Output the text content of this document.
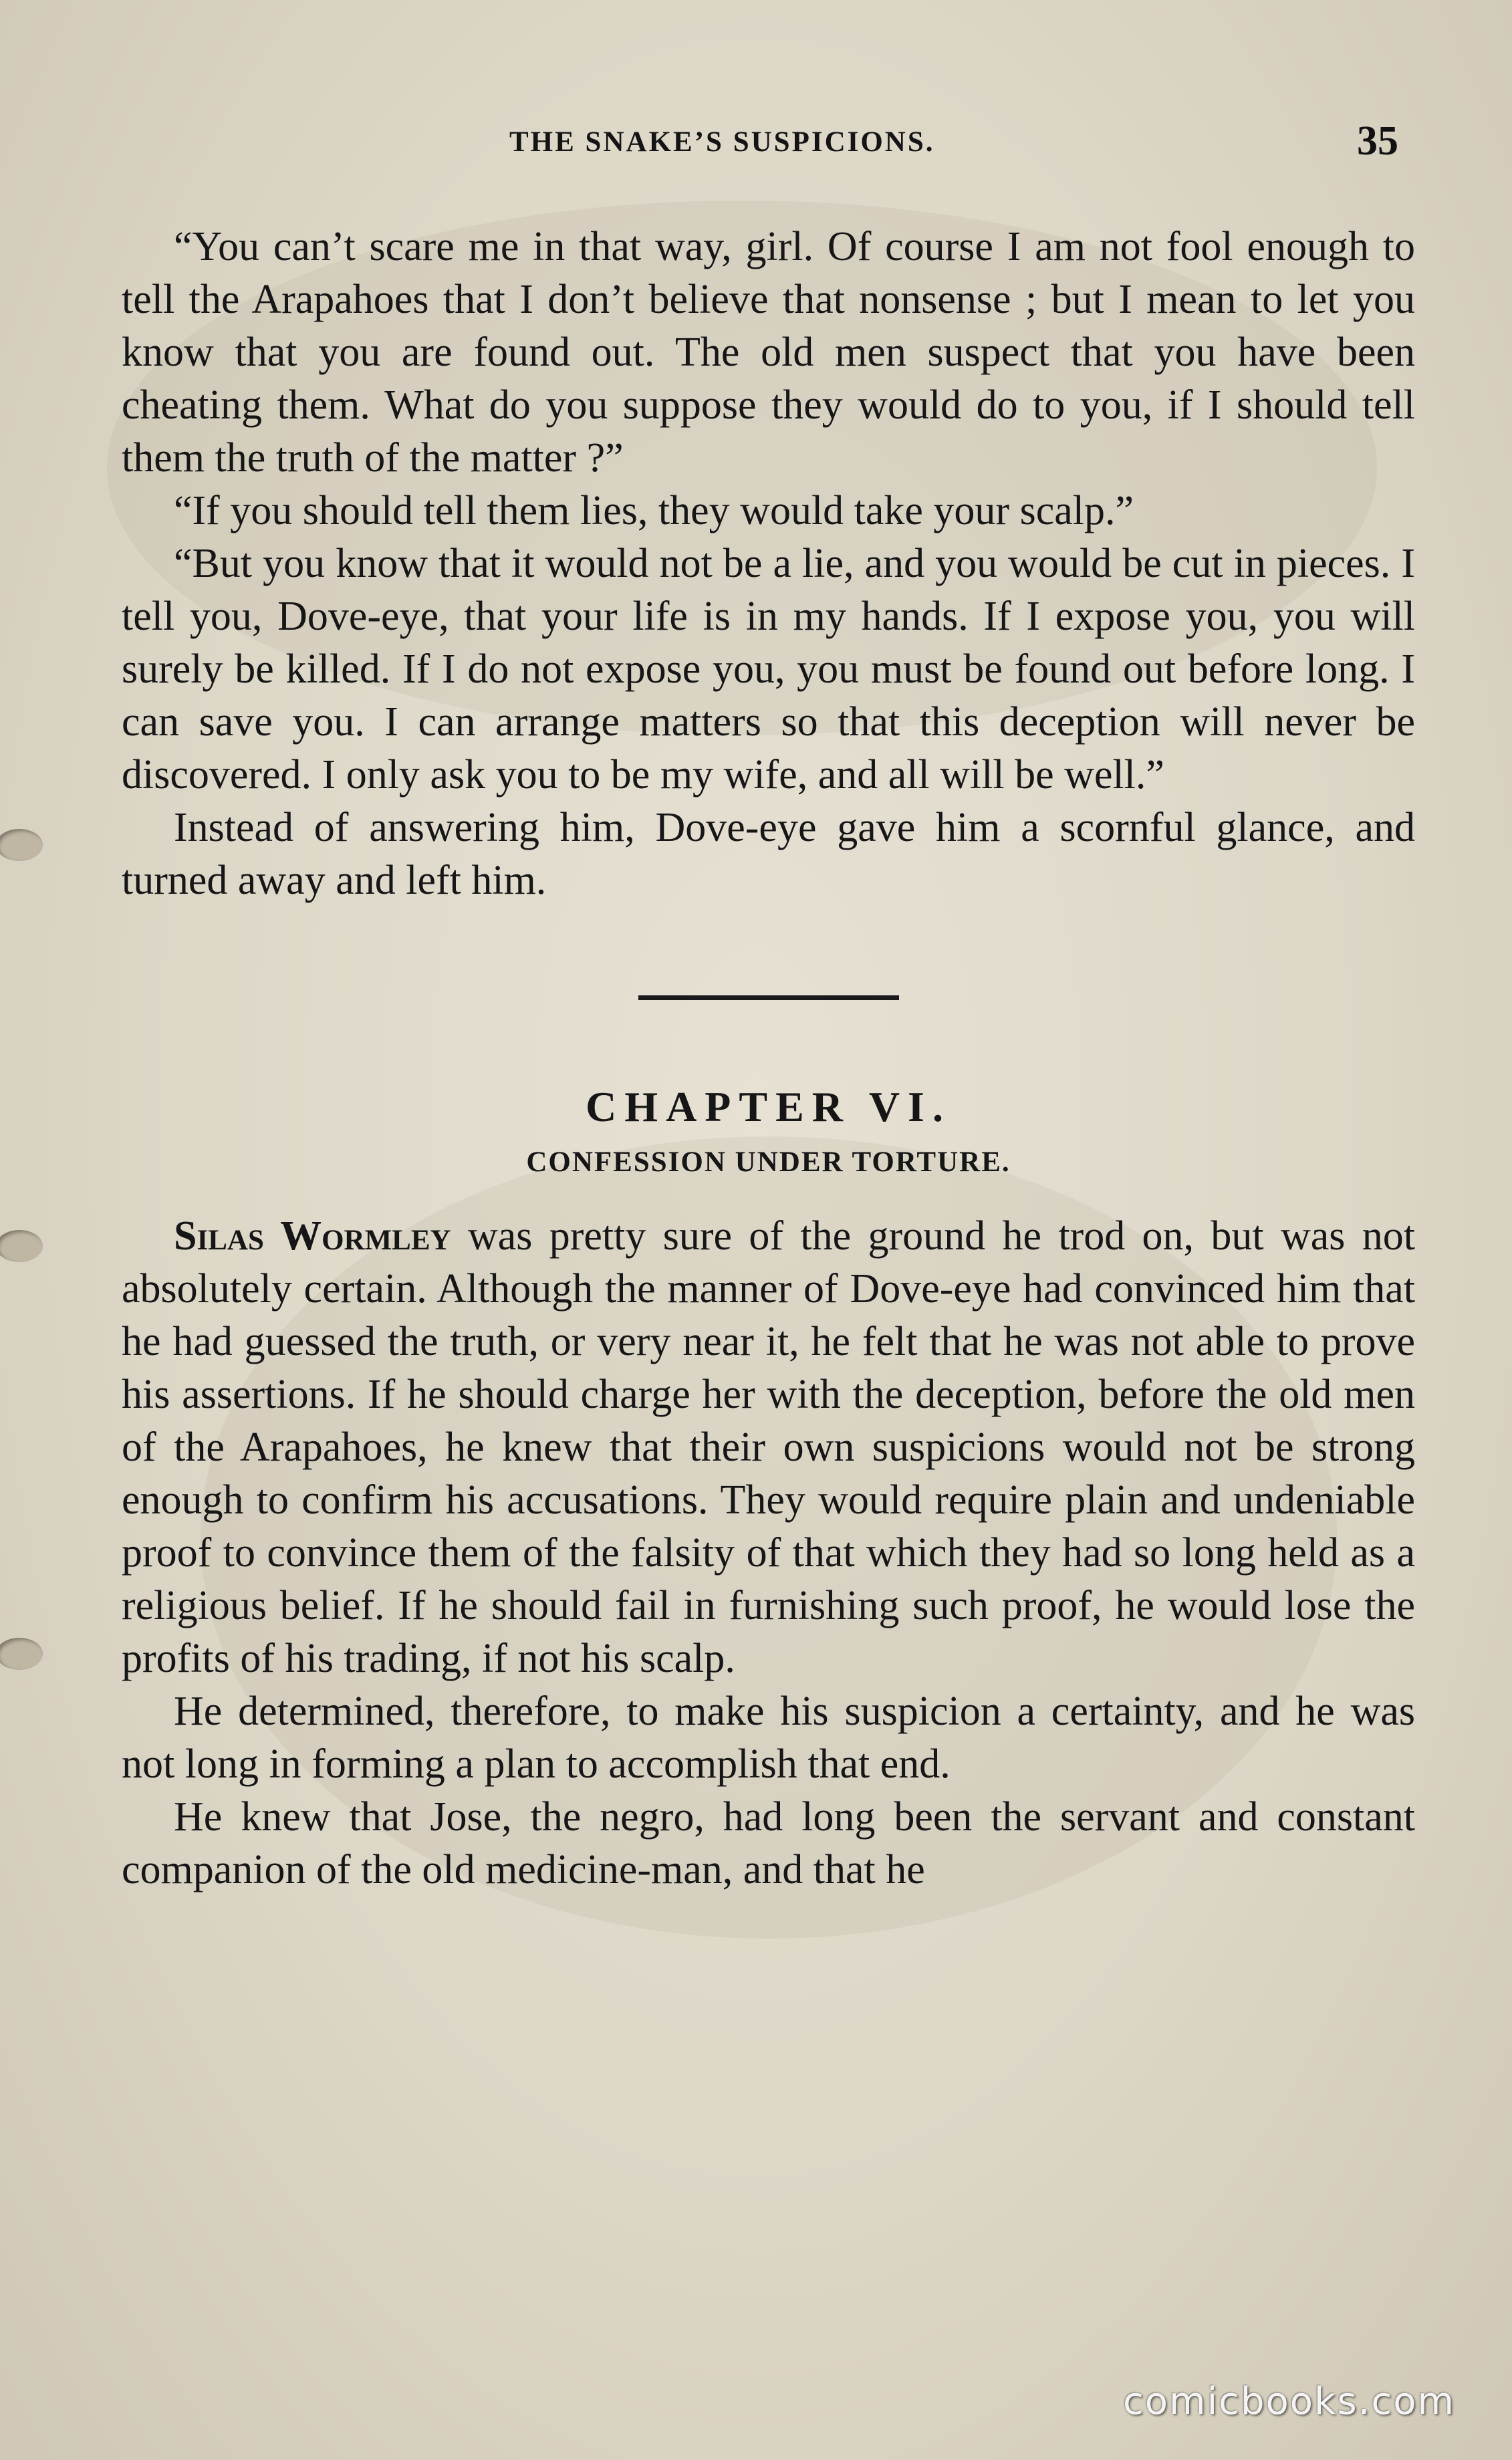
THE SNAKE’S SUSPICIONS.	35

“You can’t scare me in that way, girl. Of course I am not fool enough to tell the Arapahoes that I don’t believe that nonsense ; but I mean to let you know that you are found out. The old men suspect that you have been cheating them. What do you suppose they would do to you, if I should tell them the truth of the matter ?”

“If you should tell them lies, they would take your scalp.”

“But you know that it would not be a lie, and you would be cut in pieces. I tell you, Dove-eye, that your life is in my hands. If I expose you, you will surely be killed. If I do not expose you, you must be found out before long. I can save you. I can arrange matters so that this deception will never be discovered. I only ask you to be my wife, and all will be well.”

Instead of answering him, Dove-eye gave him a scornful glance, and turned away and left him.

CHAPTER VI.
CONFESSION UNDER TORTURE.

Silas Wormley was pretty sure of the ground he trod on, but was not absolutely certain. Although the manner of Dove-eye had convinced him that he had guessed the truth, or very near it, he felt that he was not able to prove his assertions. If he should charge her with the deception, before the old men of the Arapahoes, he knew that their own suspicions would not be strong enough to confirm his accusations. They would require plain and undeniable proof to convince them of the falsity of that which they had so long held as a religious belief. If he should fail in furnishing such proof, he would lose the profits of his trading, if not his scalp.

He determined, therefore, to make his suspicion a certainty, and he was not long in forming a plan to accomplish that end.

He knew that Jose, the negro, had long been the servant and constant companion of the old medicine-man, and that he

comicbooks.com
